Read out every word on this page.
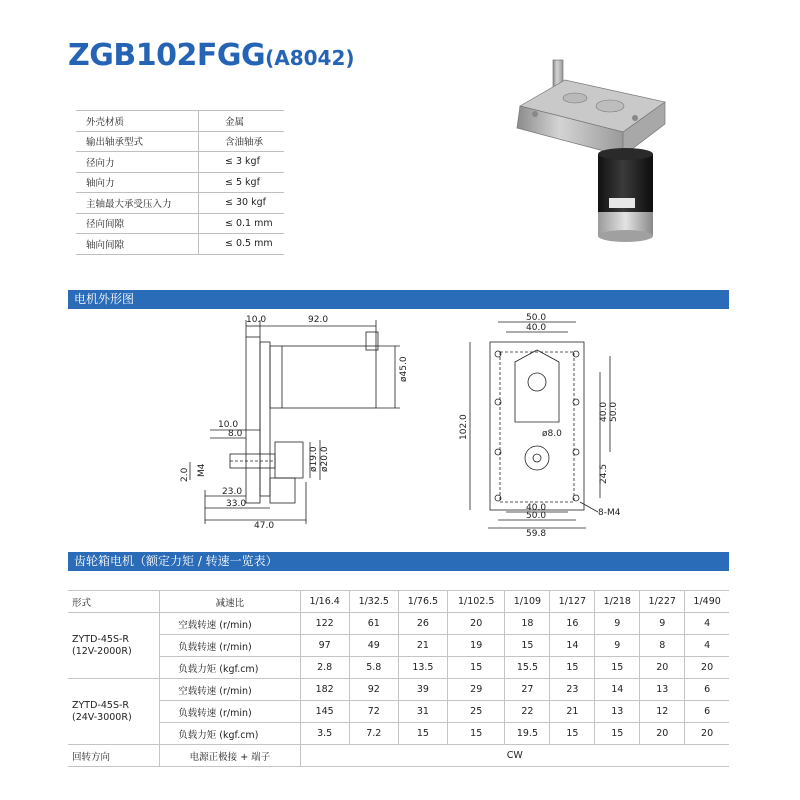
ZGB102FGG(A8042)
外壳材质	金属
输出轴承型式	含油轴承
径向力	≤ 3 kgf
轴向力	≤ 5 kgf
主轴最大承受压入力	≤ 30 kgf
径向间隙	≤ 0.1 mm
轴向间隙	≤ 0.5 mm
电机外形图
10.0	92.0
ø45.0
10.0
8.0
ø19.0 ø20.0
2.0 M4
23.0
33.0
47.0
50.0
40.0
102.0	ø8.0
40.0 50.0
24.5
8-M4
40.0
50.0
59.8
齿轮箱电机（额定力矩 / 转速一览表）
形式	减速比	1/16.4	1/32.5	1/76.5	1/102.5	1/109	1/127	1/218	1/227	1/490

ZYTD-45S-R
(12V-2000R)	空载转速 (r/min)	122	61	26	20	18	16	9	9	4
	负载转速 (r/min)	97	49	21	19	15	14	9	8	4
	负载力矩 (kgf.cm)	2.8	5.8	13.5	15	15.5	15	15	20	20

ZYTD-45S-R
(24V-3000R)	空载转速 (r/min)	182	92	39	29	27	23	14	13	6
	负载转速 (r/min)	145	72	31	25	22	21	13	12	6
	负载力矩 (kgf.cm)	3.5	7.2	15	15	19.5	15	15	20	20
回转方向	电源正极接 + 端子	CW								
